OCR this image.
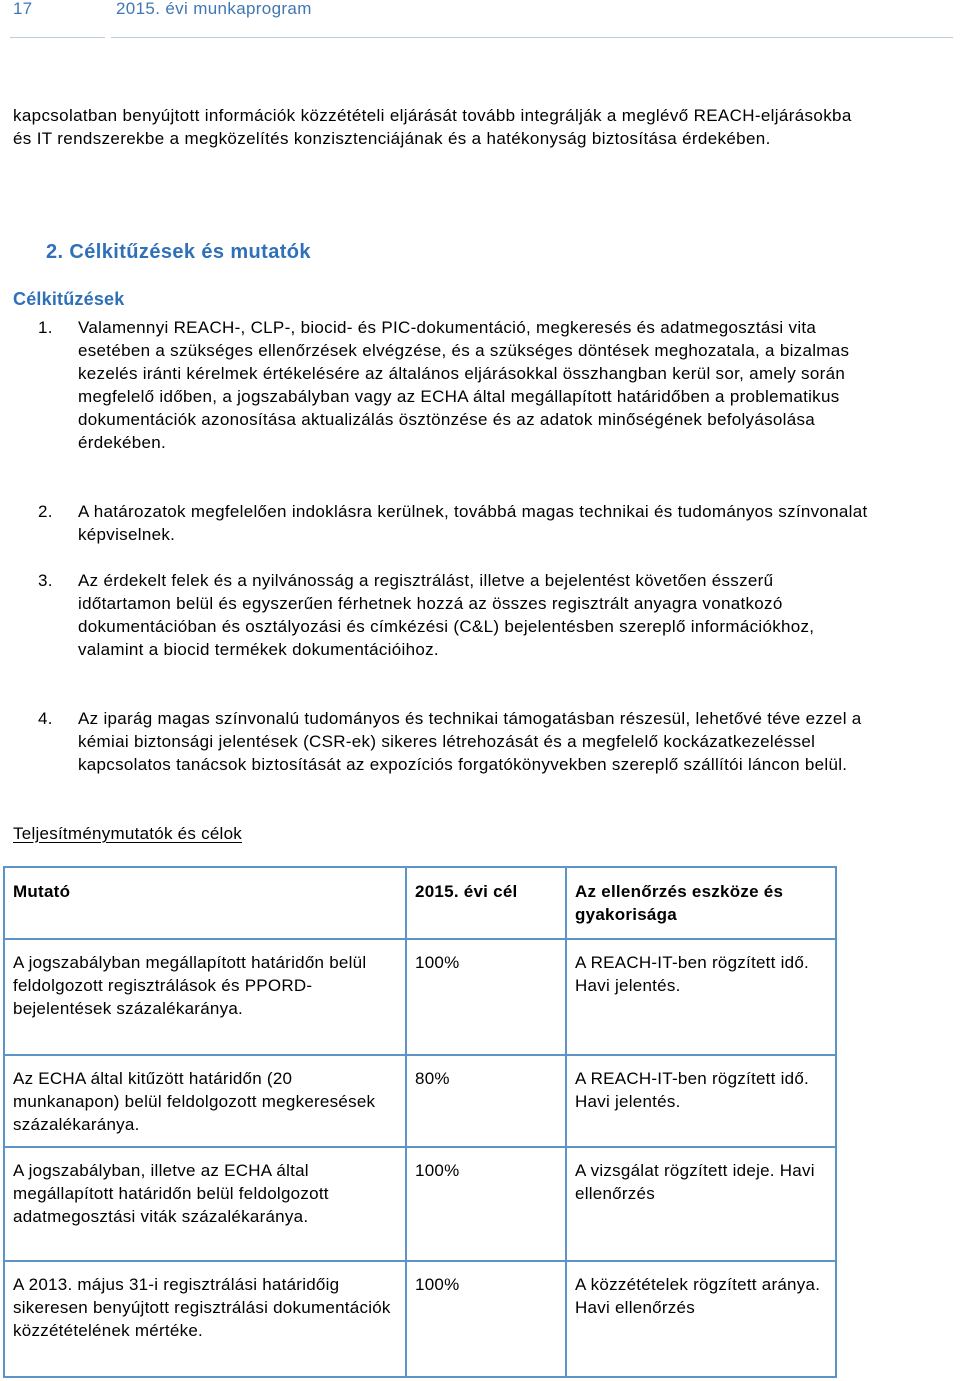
17	2015. évi munkaprogram

kapcsolatban benyújtott információk közzétételi eljárását tovább integrálják a meglévő REACH-eljárásokba és IT rendszerekbe a megközelítés konzisztenciájának és a hatékonyság biztosítása érdekében.

2. Célkitűzések és mutatók
Célkitűzések
1.	Valamennyi REACH-, CLP-, biocid- és PIC-dokumentáció, megkeresés és adatmegosztási vita esetében a szükséges ellenőrzések elvégzése, és a szükséges döntések meghozatala, a bizalmas kezelés iránti kérelmek értékelésére az általános eljárásokkal összhangban kerül sor, amely során megfelelő időben, a jogszabályban vagy az ECHA által megállapított határidőben a problematikus dokumentációk azonosítása aktualizálás ösztönzése és az adatok minőségének befolyásolása érdekében.
2.	A határozatok megfelelően indoklásra kerülnek, továbbá magas technikai és tudományos színvonalat képviselnek.
3.	Az érdekelt felek és a nyilvánosság a regisztrálást, illetve a bejelentést követően ésszerű időtartamon belül és egyszerűen férhetnek hozzá az összes regisztrált anyagra vonatkozó dokumentációban és osztályozási és címkézési (C&L) bejelentésben szereplő információkhoz, valamint a biocid termékek dokumentációihoz.
4.	Az iparág magas színvonalú tudományos és technikai támogatásban részesül, lehetővé téve ezzel a kémiai biztonsági jelentések (CSR-ek) sikeres létrehozását és a megfelelő kockázatkezeléssel kapcsolatos tanácsok biztosítását az expozíciós forgatókönyvekben szereplő szállítói láncon belül.
Teljesítménymutatók és célok
Mutató	2015. évi cél	Az ellenőrzés eszköze és gyakorisága

A jogszabályban megállapított határidőn belül feldolgozott regisztrálások és PPORD-bejelentések százalékaránya.	100%	A REACH-IT-ben rögzített idő. Havi jelentés.

Az ECHA által kitűzött határidőn (20 munkanapon) belül feldolgozott megkeresések százalékaránya.	80%	A REACH-IT-ben rögzített idő. Havi jelentés.

A jogszabályban, illetve az ECHA által megállapított határidőn belül feldolgozott adatmegosztási viták százalékaránya.	100%	A vizsgálat rögzített ideje. Havi ellenőrzés

A 2013. május 31-i regisztrálási határidőig sikeresen benyújtott regisztrálási dokumentációk közzétételének mértéke.	100%	A közzétételek rögzített aránya. Havi ellenőrzés
